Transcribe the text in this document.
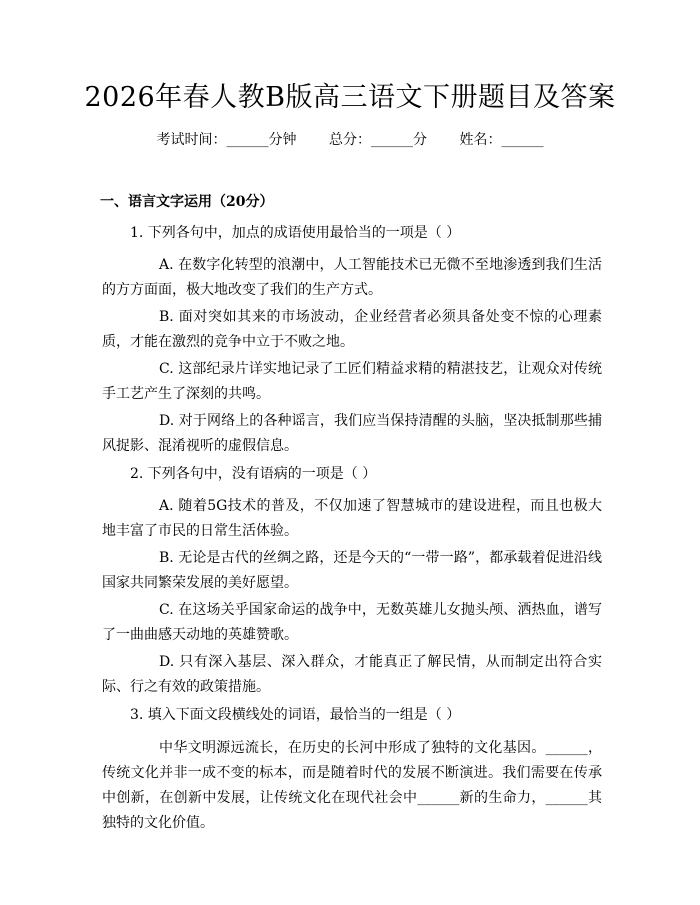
2026年春人教B版高三语文下册题目及答案
考试时间：______分钟 总分：______分 姓名：______
一、语言文字运用（20分）
1. 下列各句中，加点的成语使用最恰当的一项是（ ）
A. 在数字化转型的浪潮中，人工智能技术已无微不至地渗透到我们生活的方方面面，极大地改变了我们的生产方式。
B. 面对突如其来的市场波动，企业经营者必须具备处变不惊的心理素质，才能在激烈的竞争中立于不败之地。
C. 这部纪录片详实地记录了工匠们精益求精的精湛技艺，让观众对传统手工艺产生了深刻的共鸣。
D. 对于网络上的各种谣言，我们应当保持清醒的头脑，坚决抵制那些捕风捉影、混淆视听的虚假信息。
2. 下列各句中，没有语病的一项是（ ）
A. 随着5G技术的普及，不仅加速了智慧城市的建设进程，而且也极大地丰富了市民的日常生活体验。
B. 无论是古代的丝绸之路，还是今天的“一带一路”，都承载着促进沿线国家共同繁荣发展的美好愿望。
C. 在这场关乎国家命运的战争中，无数英雄儿女抛头颅、洒热血，谱写了一曲曲感天动地的英雄赞歌。
D. 只有深入基层、深入群众，才能真正了解民情，从而制定出符合实际、行之有效的政策措施。
3. 填入下面文段横线处的词语，最恰当的一组是（ ）
中华文明源远流长，在历史的长河中形成了独特的文化基因。______，传统文化并非一成不变的标本，而是随着时代的发展不断演进。我们需要在传承中创新，在创新中发展，让传统文化在现代社会中______新的生命力，______其独特的文化价值。
